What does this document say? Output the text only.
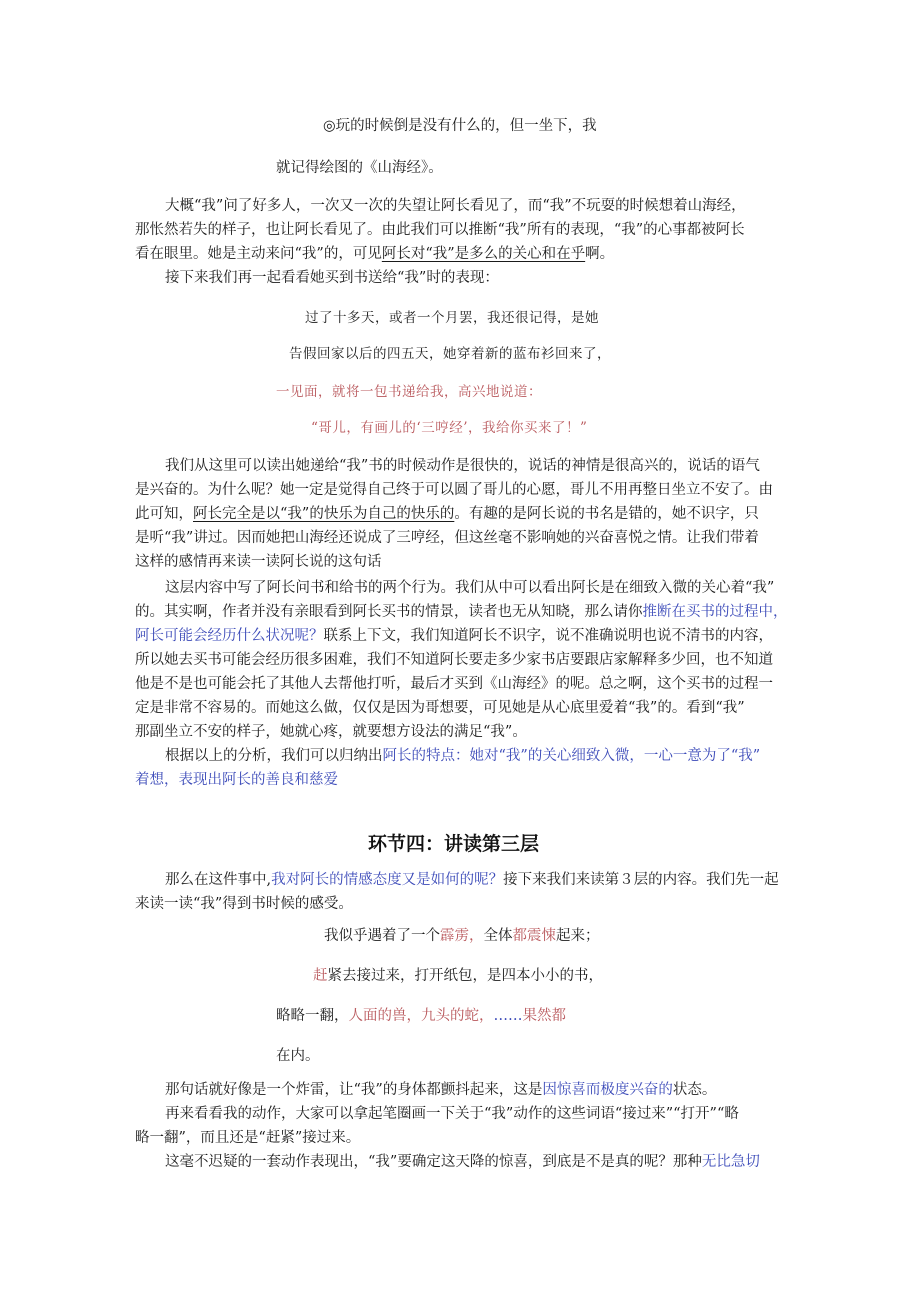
◎玩的时候倒是没有什么的，但一坐下，我
就记得绘图的《山海经》。
大概“我”问了好多人，一次又一次的失望让阿长看见了，而“我”不玩耍的时候想着山海经，
那怅然若失的样子，也让阿长看见了。由此我们可以推断“我”所有的表现，“我”的心事都被阿长
看在眼里。她是主动来问“我”的，可见阿长对“我”是多么的关心和在乎啊。
接下来我们再一起看看她买到书送给“我”时的表现：
过了十多天，或者一个月罢，我还很记得，是她
告假回家以后的四五天，她穿着新的蓝布衫回来了，
一见面，就将一包书递给我，高兴地说道：
“哥儿，有画儿的‘三哼经’，我给你买来了！”
我们从这里可以读出她递给“我”书的时候动作是很快的，说话的神情是很高兴的，说话的语气
是兴奋的。为什么呢？她一定是觉得自己终于可以圆了哥儿的心愿，哥儿不用再整日坐立不安了。由
此可知，阿长完全是以“我”的快乐为自己的快乐的。有趣的是阿长说的书名是错的，她不识字，只
是听“我”讲过。因而她把山海经还说成了三哼经，但这丝毫不影响她的兴奋喜悦之情。让我们带着
这样的感情再来读一读阿长说的这句话
这层内容中写了阿长问书和给书的两个行为。我们从中可以看出阿长是在细致入微的关心着“我”
的。其实啊，作者并没有亲眼看到阿长买书的情景，读者也无从知晓，那么请你推断在买书的过程中，
阿长可能会经历什么状况呢？联系上下文，我们知道阿长不识字，说不准确说明也说不清书的内容，
所以她去买书可能会经历很多困难，我们不知道阿长要走多少家书店要跟店家解释多少回，也不知道
他是不是也可能会托了其他人去帮他打听，最后才买到《山海经》的呢。总之啊，这个买书的过程一
定是非常不容易的。而她这么做，仅仅是因为哥想要，可见她是从心底里爱着“我”的。看到“我”
那副坐立不安的样子，她就心疼，就要想方设法的满足“我”。
根据以上的分析，我们可以归纳出阿长的特点：她对“我”的关心细致入微，一心一意为了“我”
着想，表现出阿长的善良和慈爱
环节四：讲读第三层
那么在这件事中,我对阿长的情感态度又是如何的呢？接下来我们来读第３层的内容。我们先一起
来读一读“我”得到书时候的感受。
我似乎遇着了一个霹雳，全体都震悚起来；
赶紧去接过来，打开纸包，是四本小小的书，
略略一翻，人面的兽，九头的蛇，……果然都
在内。
那句话就好像是一个炸雷，让“我”的身体都颤抖起来，这是因惊喜而极度兴奋的状态。
再来看看我的动作，大家可以拿起笔圈画一下关于“我”动作的这些词语“接过来”“打开”“略
略一翻”，而且还是“赶紧”接过来。
这毫不迟疑的一套动作表现出，“我”要确定这天降的惊喜，到底是不是真的呢？那种无比急切
